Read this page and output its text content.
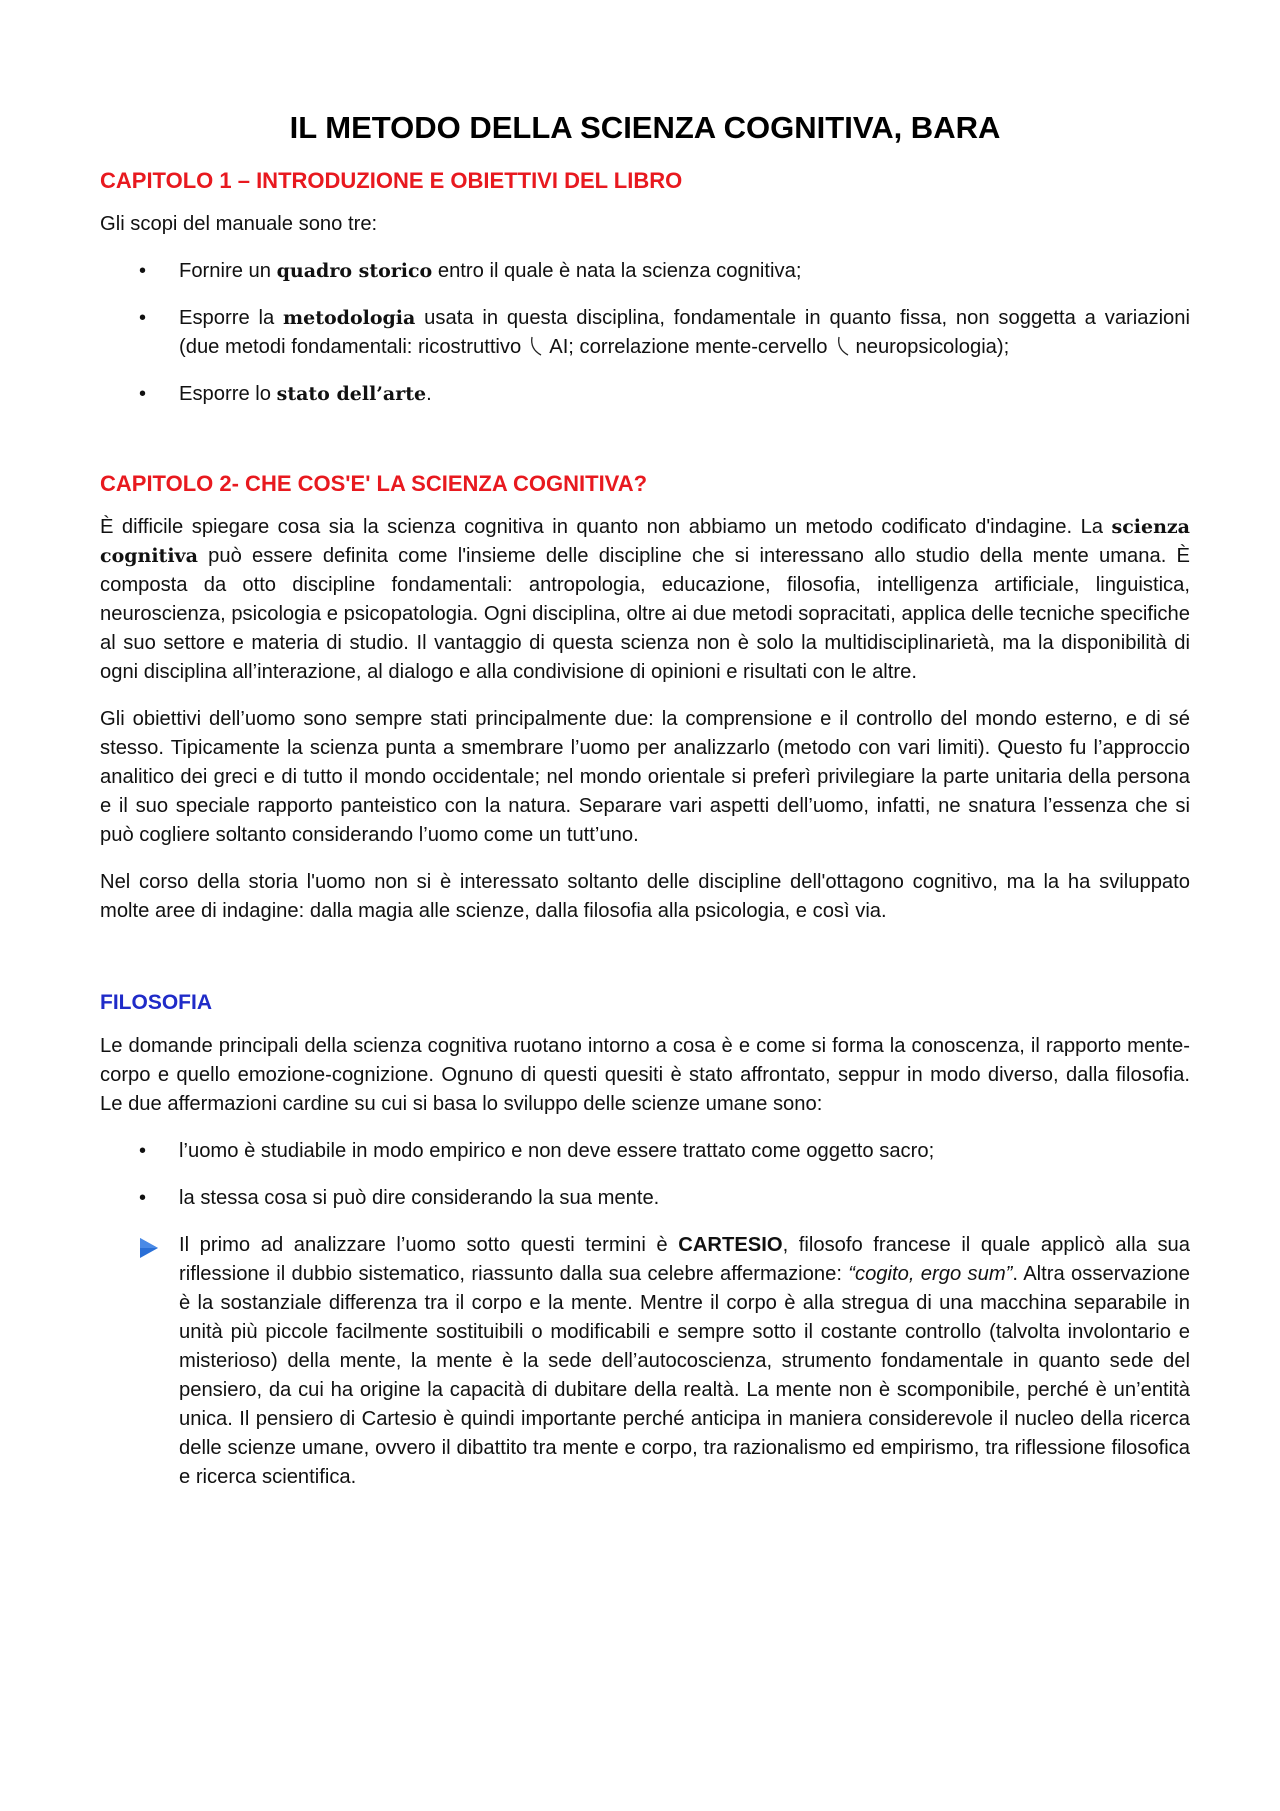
IL METODO DELLA SCIENZA COGNITIVA, BARA
CAPITOLO 1 – INTRODUZIONE E OBIETTIVI DEL LIBRO
Gli scopi del manuale sono tre:
• Fornire un quadro storico entro il quale è nata la scienza cognitiva;
• Esporre la metodologia usata in questa disciplina, fondamentale in quanto fissa, non soggetta a variazioni (due metodi fondamentali: ricostruttivo AI; correlazione mente-cervello neuropsicologia);
• Esporre lo stato dell’arte.
CAPITOLO 2- CHE COS'E' LA SCIENZA COGNITIVA?
È difficile spiegare cosa sia la scienza cognitiva in quanto non abbiamo un metodo codificato d'indagine. La scienza cognitiva può essere definita come l'insieme delle discipline che si interessano allo studio della mente umana. È composta da otto discipline fondamentali: antropologia, educazione, filosofia, intelligenza artificiale, linguistica, neuroscienza, psicologia e psicopatologia. Ogni disciplina, oltre ai due metodi sopracitati, applica delle tecniche specifiche al suo settore e materia di studio. Il vantaggio di questa scienza non è solo la multidisciplinarietà, ma la disponibilità di ogni disciplina all’interazione, al dialogo e alla condivisione di opinioni e risultati con le altre.
Gli obiettivi dell’uomo sono sempre stati principalmente due: la comprensione e il controllo del mondo esterno, e di sé stesso. Tipicamente la scienza punta a smembrare l’uomo per analizzarlo (metodo con vari limiti). Questo fu l’approccio analitico dei greci e di tutto il mondo occidentale; nel mondo orientale si preferì privilegiare la parte unitaria della persona e il suo speciale rapporto panteistico con la natura. Separare vari aspetti dell’uomo, infatti, ne snatura l’essenza che si può cogliere soltanto considerando l’uomo come un tutt’uno.
Nel corso della storia l'uomo non si è interessato soltanto delle discipline dell'ottagono cognitivo, ma la ha sviluppato molte aree di indagine: dalla magia alle scienze, dalla filosofia alla psicologia, e così via.
FILOSOFIA
Le domande principali della scienza cognitiva ruotano intorno a cosa è e come si forma la conoscenza, il rapporto mente-corpo e quello emozione-cognizione. Ognuno di questi quesiti è stato affrontato, seppur in modo diverso, dalla filosofia. Le due affermazioni cardine su cui si basa lo sviluppo delle scienze umane sono:
• l’uomo è studiabile in modo empirico e non deve essere trattato come oggetto sacro;
• la stessa cosa si può dire considerando la sua mente.
Il primo ad analizzare l’uomo sotto questi termini è CARTESIO, filosofo francese il quale applicò alla sua riflessione il dubbio sistematico, riassunto dalla sua celebre affermazione: “cogito, ergo sum”. Altra osservazione è la sostanziale differenza tra il corpo e la mente. Mentre il corpo è alla stregua di una macchina separabile in unità più piccole facilmente sostituibili o modificabili e sempre sotto il costante controllo (talvolta involontario e misterioso) della mente, la mente è la sede dell’autocoscienza, strumento fondamentale in quanto sede del pensiero, da cui ha origine la capacità di dubitare della realtà. La mente non è scomponibile, perché è un’entità unica. Il pensiero di Cartesio è quindi importante perché anticipa in maniera considerevole il nucleo della ricerca delle scienze umane, ovvero il dibattito tra mente e corpo, tra razionalismo ed empirismo, tra riflessione filosofica e ricerca scientifica.
